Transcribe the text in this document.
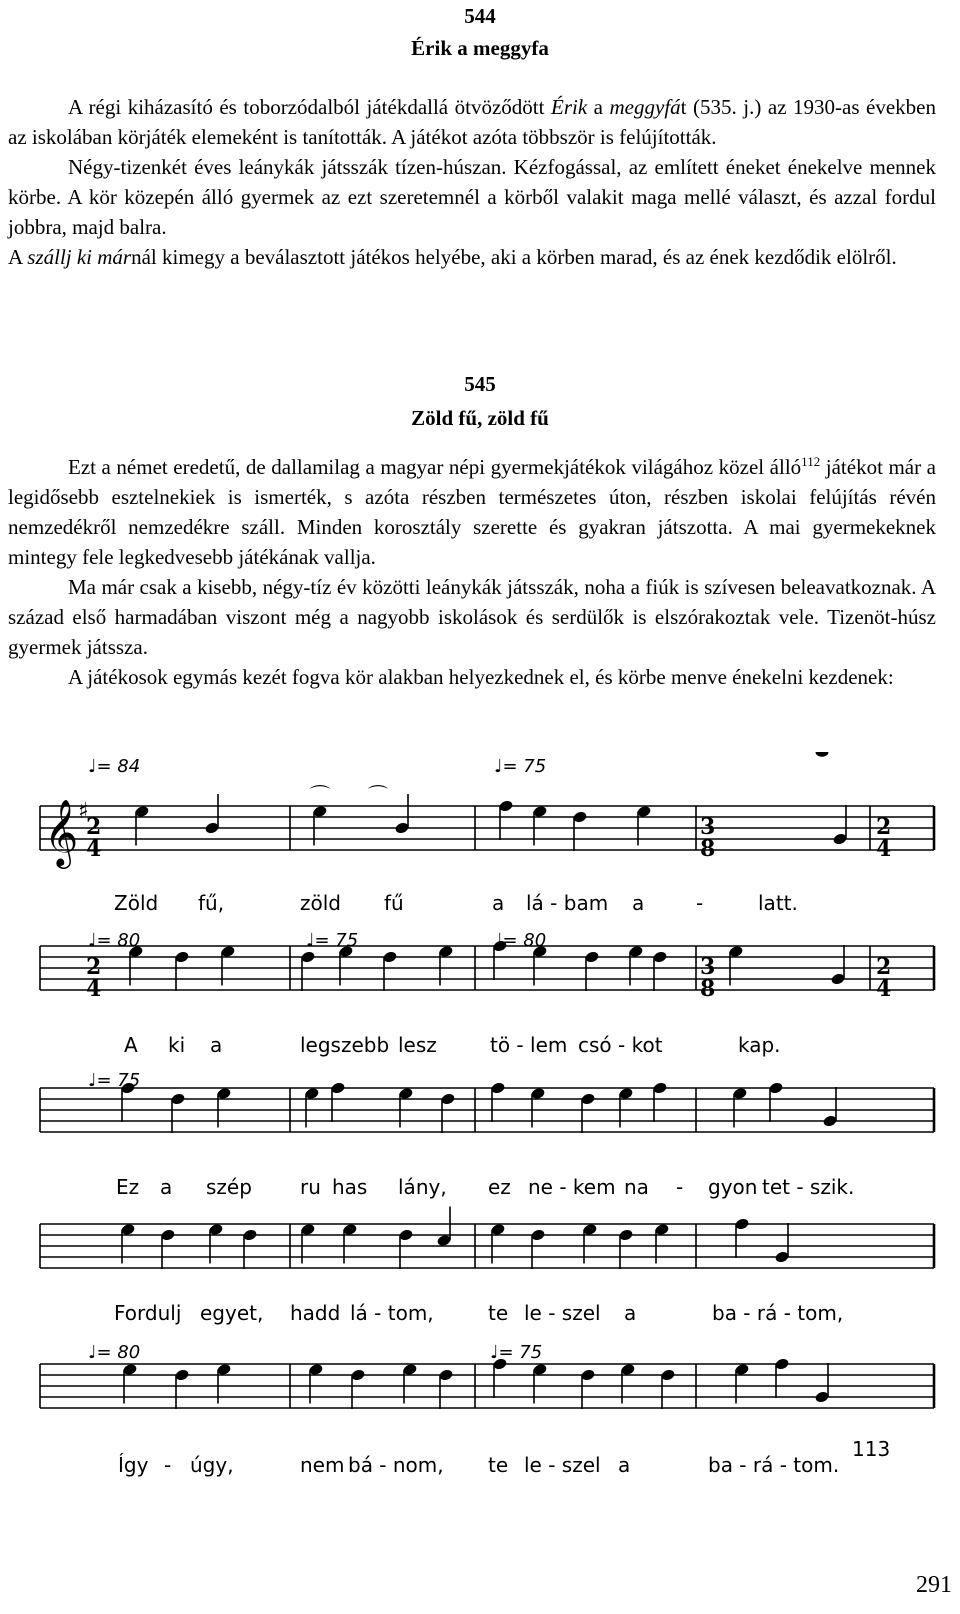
544
Érik a meggyfa

A régi kiházasító és toborzódalból játékdallá ötvöződött Érik a meggyfát (535. j.) az 1930-as években az iskolában körjáték elemeként is tanították. A játékot azóta többször is felújították.

Négy-tizenkét éves leánykák játsszák tízen-húszan. Kézfogással, az említett éneket énekelve mennek körbe. A kör közepén álló gyermek az ezt szeretemnél a körből valakit maga mellé választ, és azzal fordul jobbra, majd balra.

A szállj ki márnál kimegy a beválasztott játékos helyébe, aki a körben marad, és az ének kezdődik elölről.

545
Zöld fű, zöld fű

Ezt a német eredetű, de dallamilag a magyar népi gyermekjátékok világához közel álló$^{112}$ játékot már a legidősebb esztelnekiek is ismerték, s azóta részben természetes úton, részben iskolai felújítás révén nemzedékről nemzedékre száll. Minden korosztály szerette és gyakran játszotta. A mai gyermekeknek mintegy fele legkedvesebb játékának vallja.

Ma már csak a kisebb, négy-tíz év közötti leánykák játsszák, noha a fiúk is szívesen beleavatkoznak. A század első harmadában viszont még a nagyobb iskolások és serdülők is elszórakoztak vele. Tizenöt-húsz gyermek játssza.

A játékosok egymás kezét fogva kör alakban helyezkednek el, és körbe menve énekelni kezdenek:

𝄞 ♯
2
4
3
8
2
4
2
4
3
8
2
4
⌒ ⌒
♩= 84	♩= 75
♩= 80	♩= 75	♩= 80
♩= 75
♩= 80	♩= 75
Zöld fű,	zöld fű	a lá - bam a	-	latt.
A ki a	legszebb lesz	tö - lem csó - kot	kap.
Ez a szép ru has lány, ez ne - kem na - gyon tet - szik.
Fordulj egyet, hadd lá - tom,	te le - szel a	ba - rá - tom,
Így - úgy,	nem bá - nom, te le - szel a	ba - rá - tom.
113
291
